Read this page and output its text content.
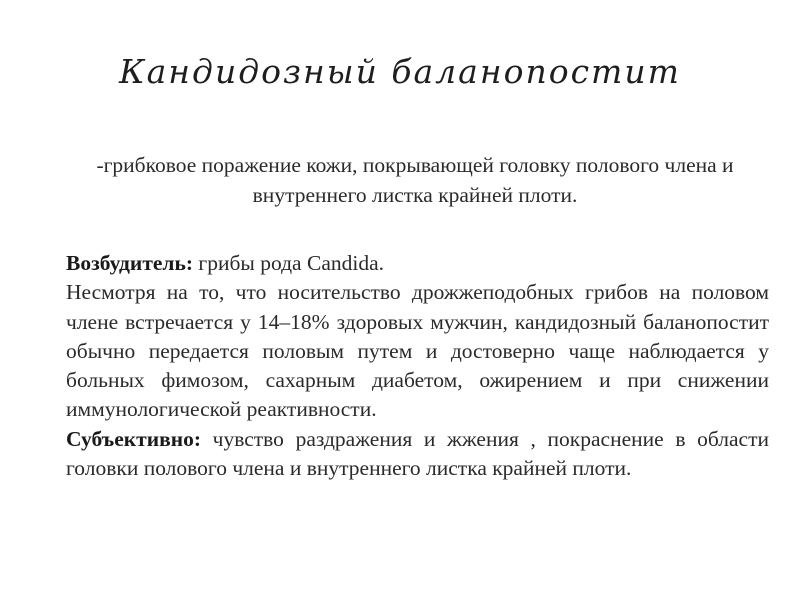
Кандидозный баланопостит
-грибковое поражение кожи, покрывающей головку полового члена и внутреннего листка крайней плоти.

Возбудитель: грибы рода Candida.

Несмотря на то, что носительство дрожжеподобных грибов на половом члене встречается у 14–18% здоровых мужчин, кандидозный баланопостит обычно передается половым путем и достоверно чаще наблюдается у больных фимозом, сахарным диабетом, ожирением и при снижении иммунологической реактивности.

Субъективно: чувство раздражения и жжения , покраснение в области головки полового члена и внутреннего листка крайней плоти.
